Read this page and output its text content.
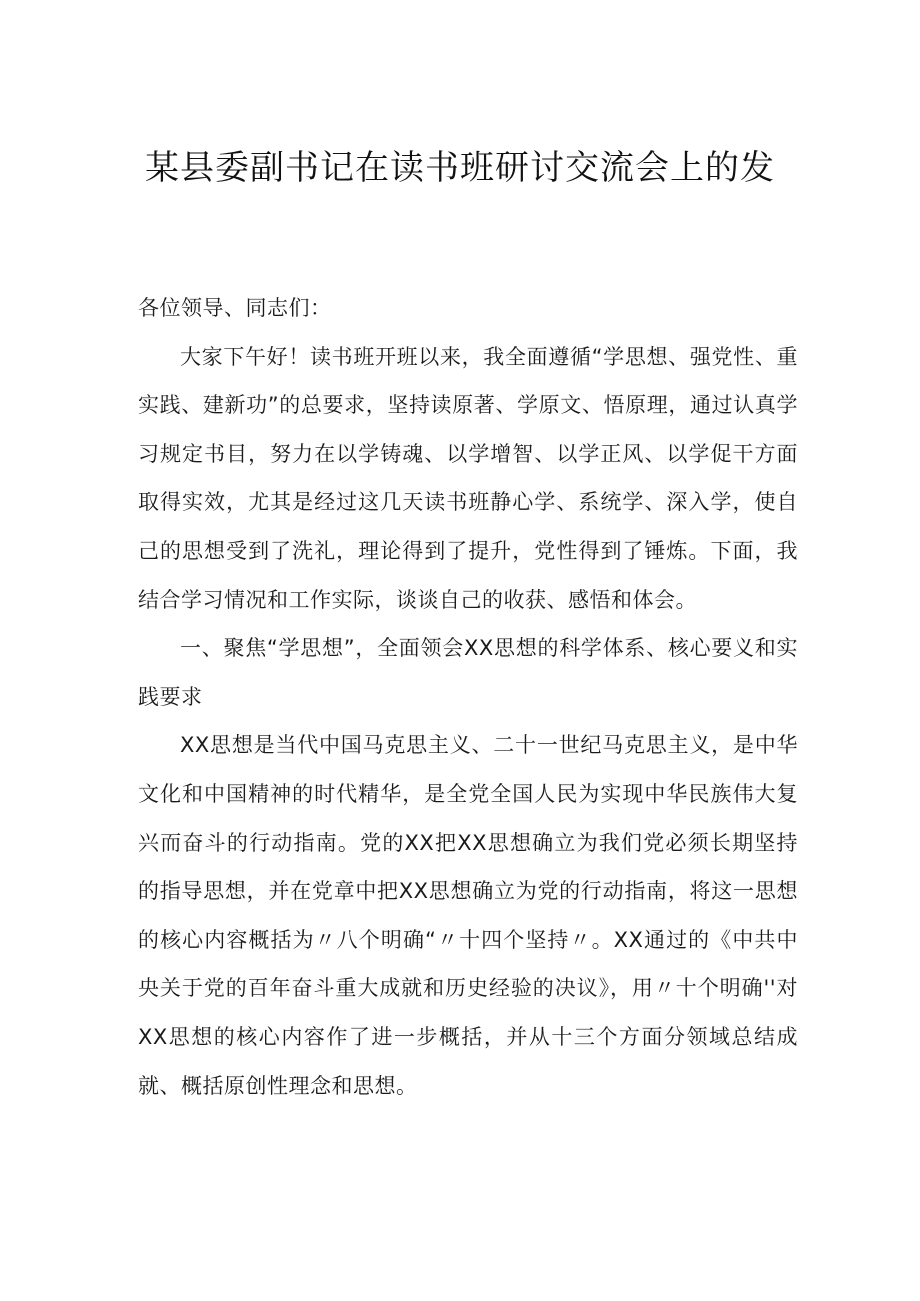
某县委副书记在读书班研讨交流会上的发

各位领导、同志们：

大家下午好！读书班开班以来，我全面遵循“学思想、强党性、重实践、建新功”的总要求，坚持读原著、学原文、悟原理，通过认真学习规定书目，努力在以学铸魂、以学增智、以学正风、以学促干方面取得实效，尤其是经过这几天读书班静心学、系统学、深入学，使自己的思想受到了洗礼，理论得到了提升，党性得到了锤炼。下面，我结合学习情况和工作实际，谈谈自己的收获、感悟和体会。

一、聚焦“学思想”，全面领会XX思想的科学体系、核心要义和实践要求

XX思想是当代中国马克思主义、二十一世纪马克思主义，是中华文化和中国精神的时代精华，是全党全国人民为实现中华民族伟大复兴而奋斗的行动指南。党的XX把XX思想确立为我们党必须长期坚持的指导思想，并在党章中把XX思想确立为党的行动指南，将这一思想的核心内容概括为〃八个明确“〃十四个坚持〃。XX通过的《中共中央关于党的百年奋斗重大成就和历史经验的决议》，用〃十个明确''对XX思想的核心内容作了进一步概括，并从十三个方面分领域总结成就、概括原创性理念和思想。
